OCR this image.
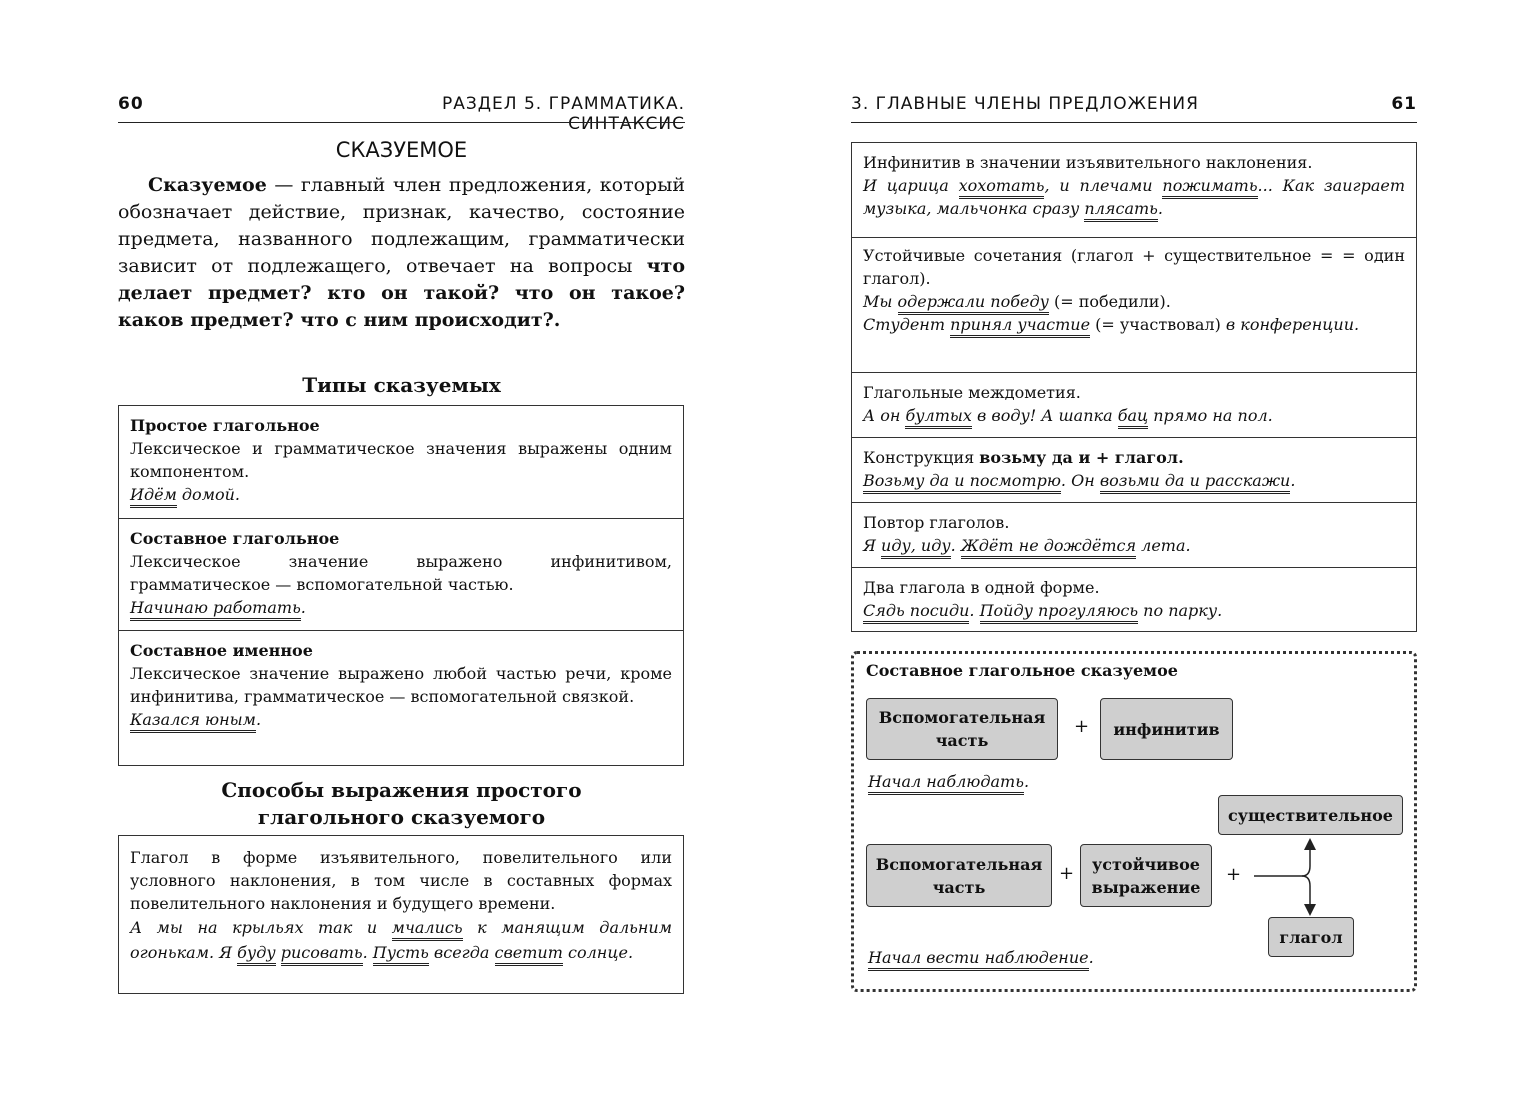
60	РАЗДЕЛ 5. ГРАММАТИКА. СИНТАКСИС
СКАЗУЕМОЕ
Сказуемое — главный член предложения, который обозначает действие, признак, качество, состояние предмета, названного подлежащим, грамматически зависит от подлежащего, отвечает на вопросы что делает предмет? кто он такой? что он такое? каков предмет? что с ним происходит?.
Типы сказуемых
Простое глагольное
Лексическое и грамматическое значения выражены одним компонентом.
Идём домой.
Составное глагольное
Лексическое значение выражено инфинитивом, грамматическое — вспомогательной частью.
Начинаю работать.
Составное именное
Лексическое значение выражено любой частью речи, кроме инфинитива, грамматическое — вспомогательной связкой.
Казался юным.
Способы выражения простого
глагольного сказуемого
Глагол в форме изъявительного, повелительного или условного наклонения, в том числе в составных формах повелительного наклонения и будущего времени.
А мы на крыльях так и мчались к манящим дальним огонькам. Я буду рисовать. Пусть всегда светит солнце.
3. ГЛАВНЫЕ ЧЛЕНЫ ПРЕДЛОЖЕНИЯ	61
Инфинитив в значении изъявительного наклонения.
И царица хохотать, и плечами пожимать... Как заиграет музыка, мальчонка сразу плясать.
Устойчивые сочетания (глагол + существительное = = один глагол).
Мы одержали победу (= победили).
Студент принял участие (= участвовал) в конференции.
Глагольные междометия.
А он бултых в воду! А шапка бац прямо на пол.
Конструкция возьму да и + глагол.
Возьму да и посмотрю. Он возьми да и расскажи.
Повтор глаголов.
Я иду, иду. Ждёт не дождётся лета.
Два глагола в одной форме.
Сядь посиди. Пойду прогуляюсь по парку.
Составное глагольное сказуемое
Вспомогательная часть
+	инфинитив
Начал наблюдать.
существительное
Вспомогательная часть
+	устойчивое выражение
+
глагол
Начал вести наблюдение.
